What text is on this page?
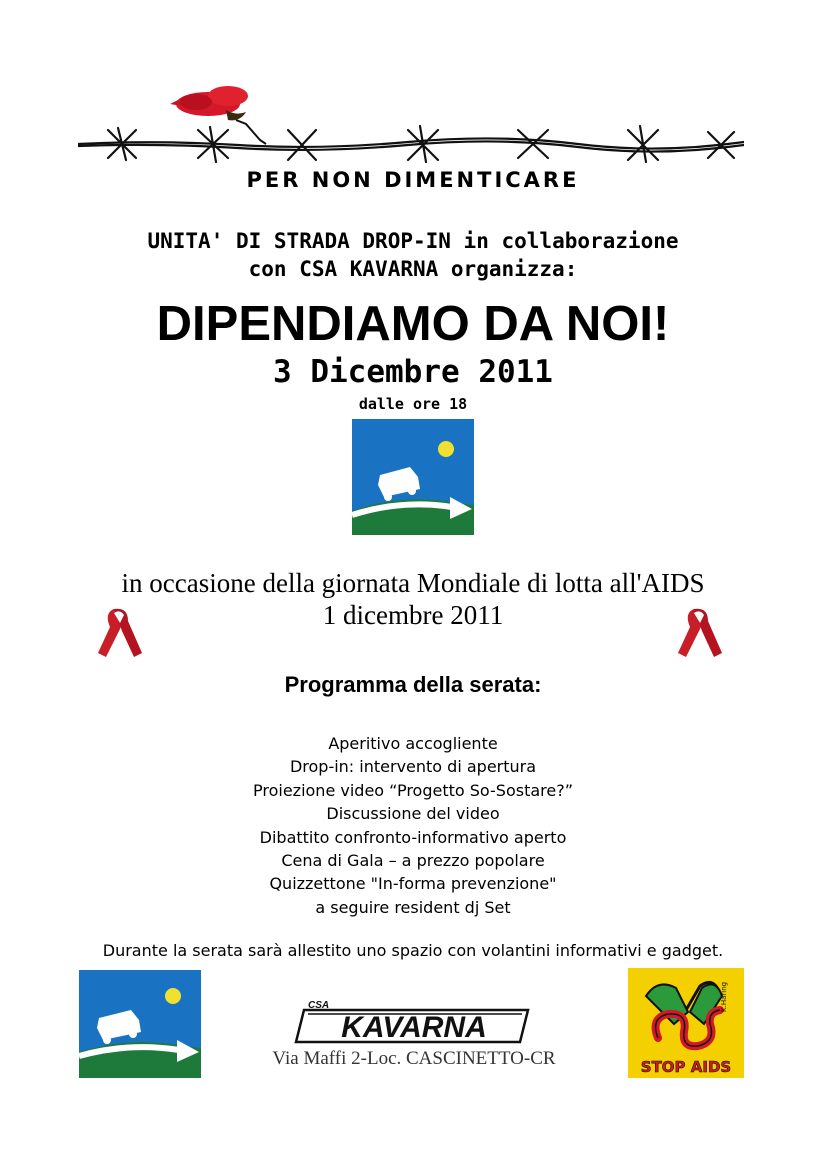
PER NON DIMENTICARE
UNITA' DI STRADA DROP-IN in collaborazione
con CSA KAVARNA organizza:
DIPENDIAMO DA NOI!
3 Dicembre 2011
dalle ore 18
in occasione della giornata Mondiale di lotta all'AIDS
1 dicembre 2011
Programma della serata:
Aperitivo accogliente
Drop-in: intervento di apertura
Proiezione video “Progetto So-Sostare?”
Discussione del video
Dibattito confronto-informativo aperto
Cena di Gala – a prezzo popolare
Quizzettone "In-forma prevenzione"
a seguire resident dj Set
Durante la serata sarà allestito uno spazio con volantini informativi e gadget.
KAVARNA
CSA
Via Maffi 2-Loc. CASCINETTO-CR
K.Haring
STOP AIDS
